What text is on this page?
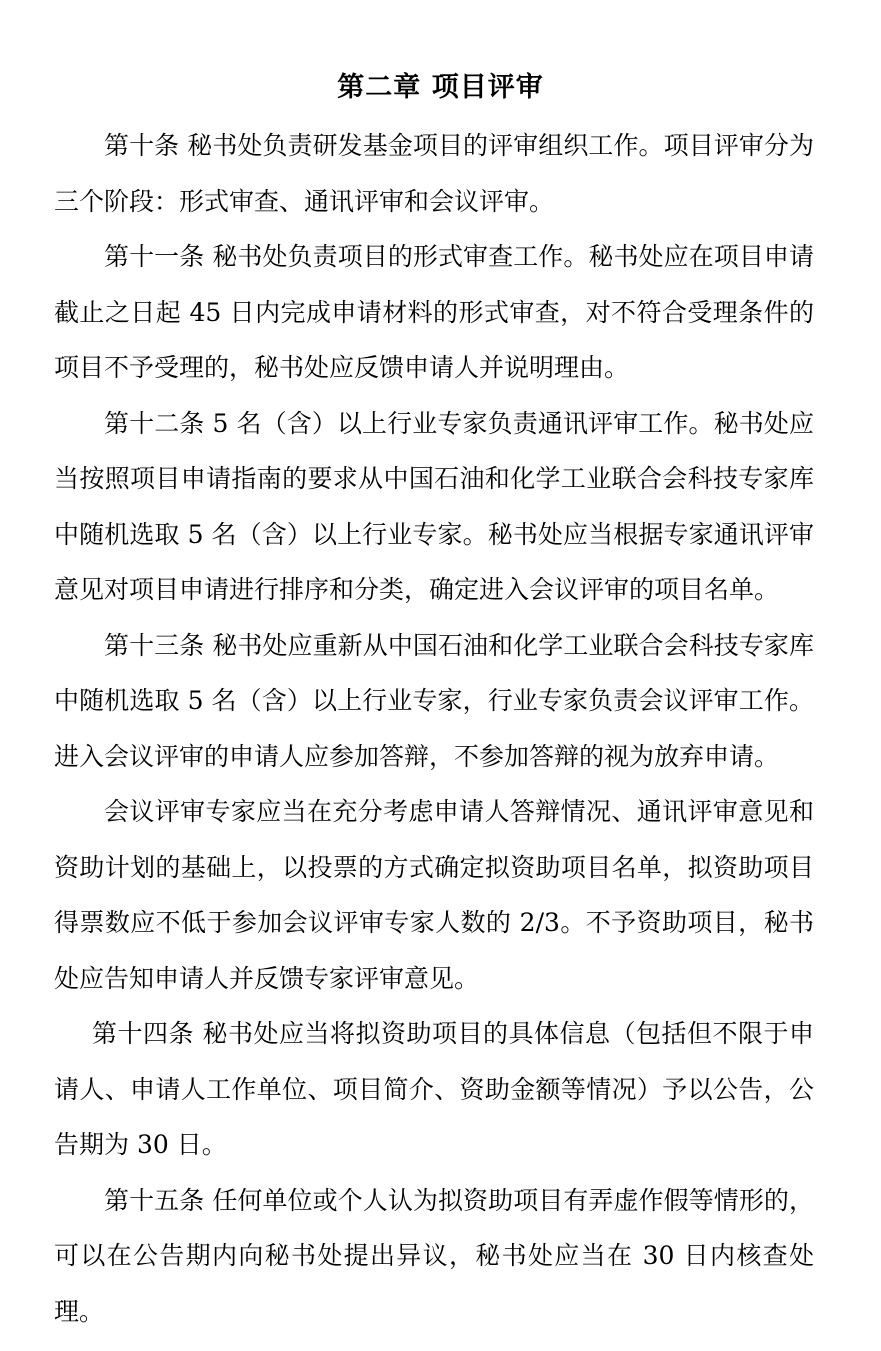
第二章 项目评审

第十条 秘书处负责研发基金项目的评审组织工作。项目评审分为三个阶段：形式审查、通讯评审和会议评审。

第十一条 秘书处负责项目的形式审查工作。秘书处应在项目申请截止之日起 45 日内完成申请材料的形式审查，对不符合受理条件的项目不予受理的，秘书处应反馈申请人并说明理由。

第十二条 5 名（含）以上行业专家负责通讯评审工作。秘书处应当按照项目申请指南的要求从中国石油和化学工业联合会科技专家库中随机选取 5 名（含）以上行业专家。秘书处应当根据专家通讯评审意见对项目申请进行排序和分类，确定进入会议评审的项目名单。

第十三条 秘书处应重新从中国石油和化学工业联合会科技专家库中随机选取 5 名（含）以上行业专家，行业专家负责会议评审工作。进入会议评审的申请人应参加答辩，不参加答辩的视为放弃申请。

会议评审专家应当在充分考虑申请人答辩情况、通讯评审意见和资助计划的基础上，以投票的方式确定拟资助项目名单，拟资助项目得票数应不低于参加会议评审专家人数的 2/3。不予资助项目，秘书处应告知申请人并反馈专家评审意见。

第十四条 秘书处应当将拟资助项目的具体信息（包括但不限于申请人、申请人工作单位、项目简介、资助金额等情况）予以公告，公告期为 30 日。

第十五条 任何单位或个人认为拟资助项目有弄虚作假等情形的，可以在公告期内向秘书处提出异议，秘书处应当在 30 日内核查处理。
